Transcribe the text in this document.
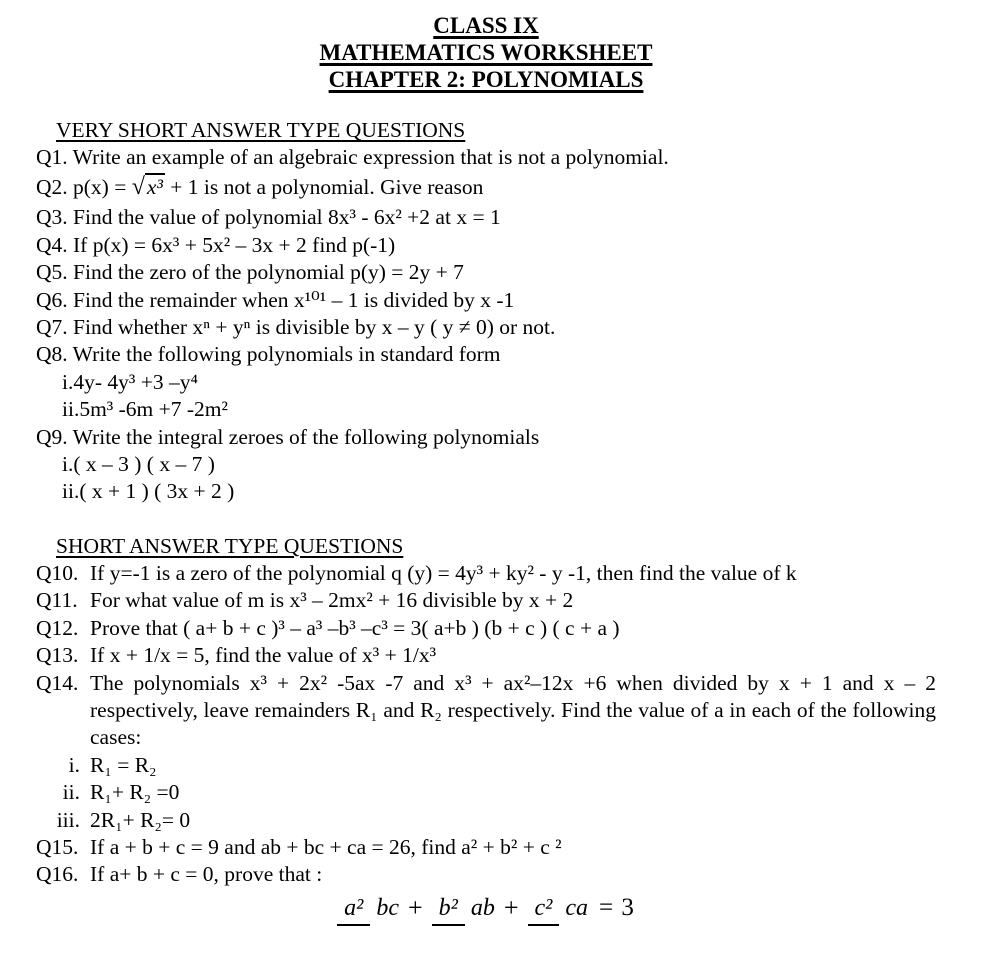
CLASS IX
MATHEMATICS WORKSHEET
CHAPTER 2: POLYNOMIALS
VERY SHORT ANSWER TYPE QUESTIONS
Q1. Write an example of an algebraic expression that is not a polynomial.
Q2. p(x) = √x³ + 1 is not a polynomial. Give reason
Q3. Find the value of polynomial 8x³ - 6x² +2 at x = 1
Q4. If p(x) = 6x³ + 5x² – 3x + 2 find p(-1)
Q5. Find the zero of the polynomial p(y) = 2y + 7
Q6. Find the remainder when x¹⁰¹ – 1 is divided by x -1
Q7. Find whether xⁿ + yⁿ is divisible by x – y ( y ≠ 0) or not.
Q8. Write the following polynomials in standard form
i.4y- 4y³ +3 –y⁴
ii.5m³ -6m +7 -2m²
Q9. Write the integral zeroes of the following polynomials
i.( x – 3 ) ( x – 7 )
ii.( x + 1 ) ( 3x + 2 )
SHORT ANSWER TYPE QUESTIONS
Q10. If y=-1 is a zero of the polynomial q (y) = 4y³ + ky² - y -1, then find the value of k
Q11. For what value of m is x³ – 2mx² + 16 divisible by x + 2
Q12. Prove that ( a+ b + c )³ – a³ –b³ –c³ = 3( a+b ) (b + c ) ( c + a )
Q13. If x + 1/x = 5, find the value of x³ + 1/x³
Q14. The polynomials x³ + 2x² -5ax -7 and x³ + ax²–12x +6 when divided by x + 1 and x – 2 respectively, leave remainders R₁ and R₂ respectively. Find the value of a in each of the following cases:
i. R₁ = R₂
ii. R₁+ R₂ =0
iii. 2R₁+ R₂= 0
Q15. If a + b + c = 9 and ab + bc + ca = 26, find a² + b² + c ²
Q16. If a+ b + c = 0, prove that :
a² bc + b² ab + c² ca = 3
